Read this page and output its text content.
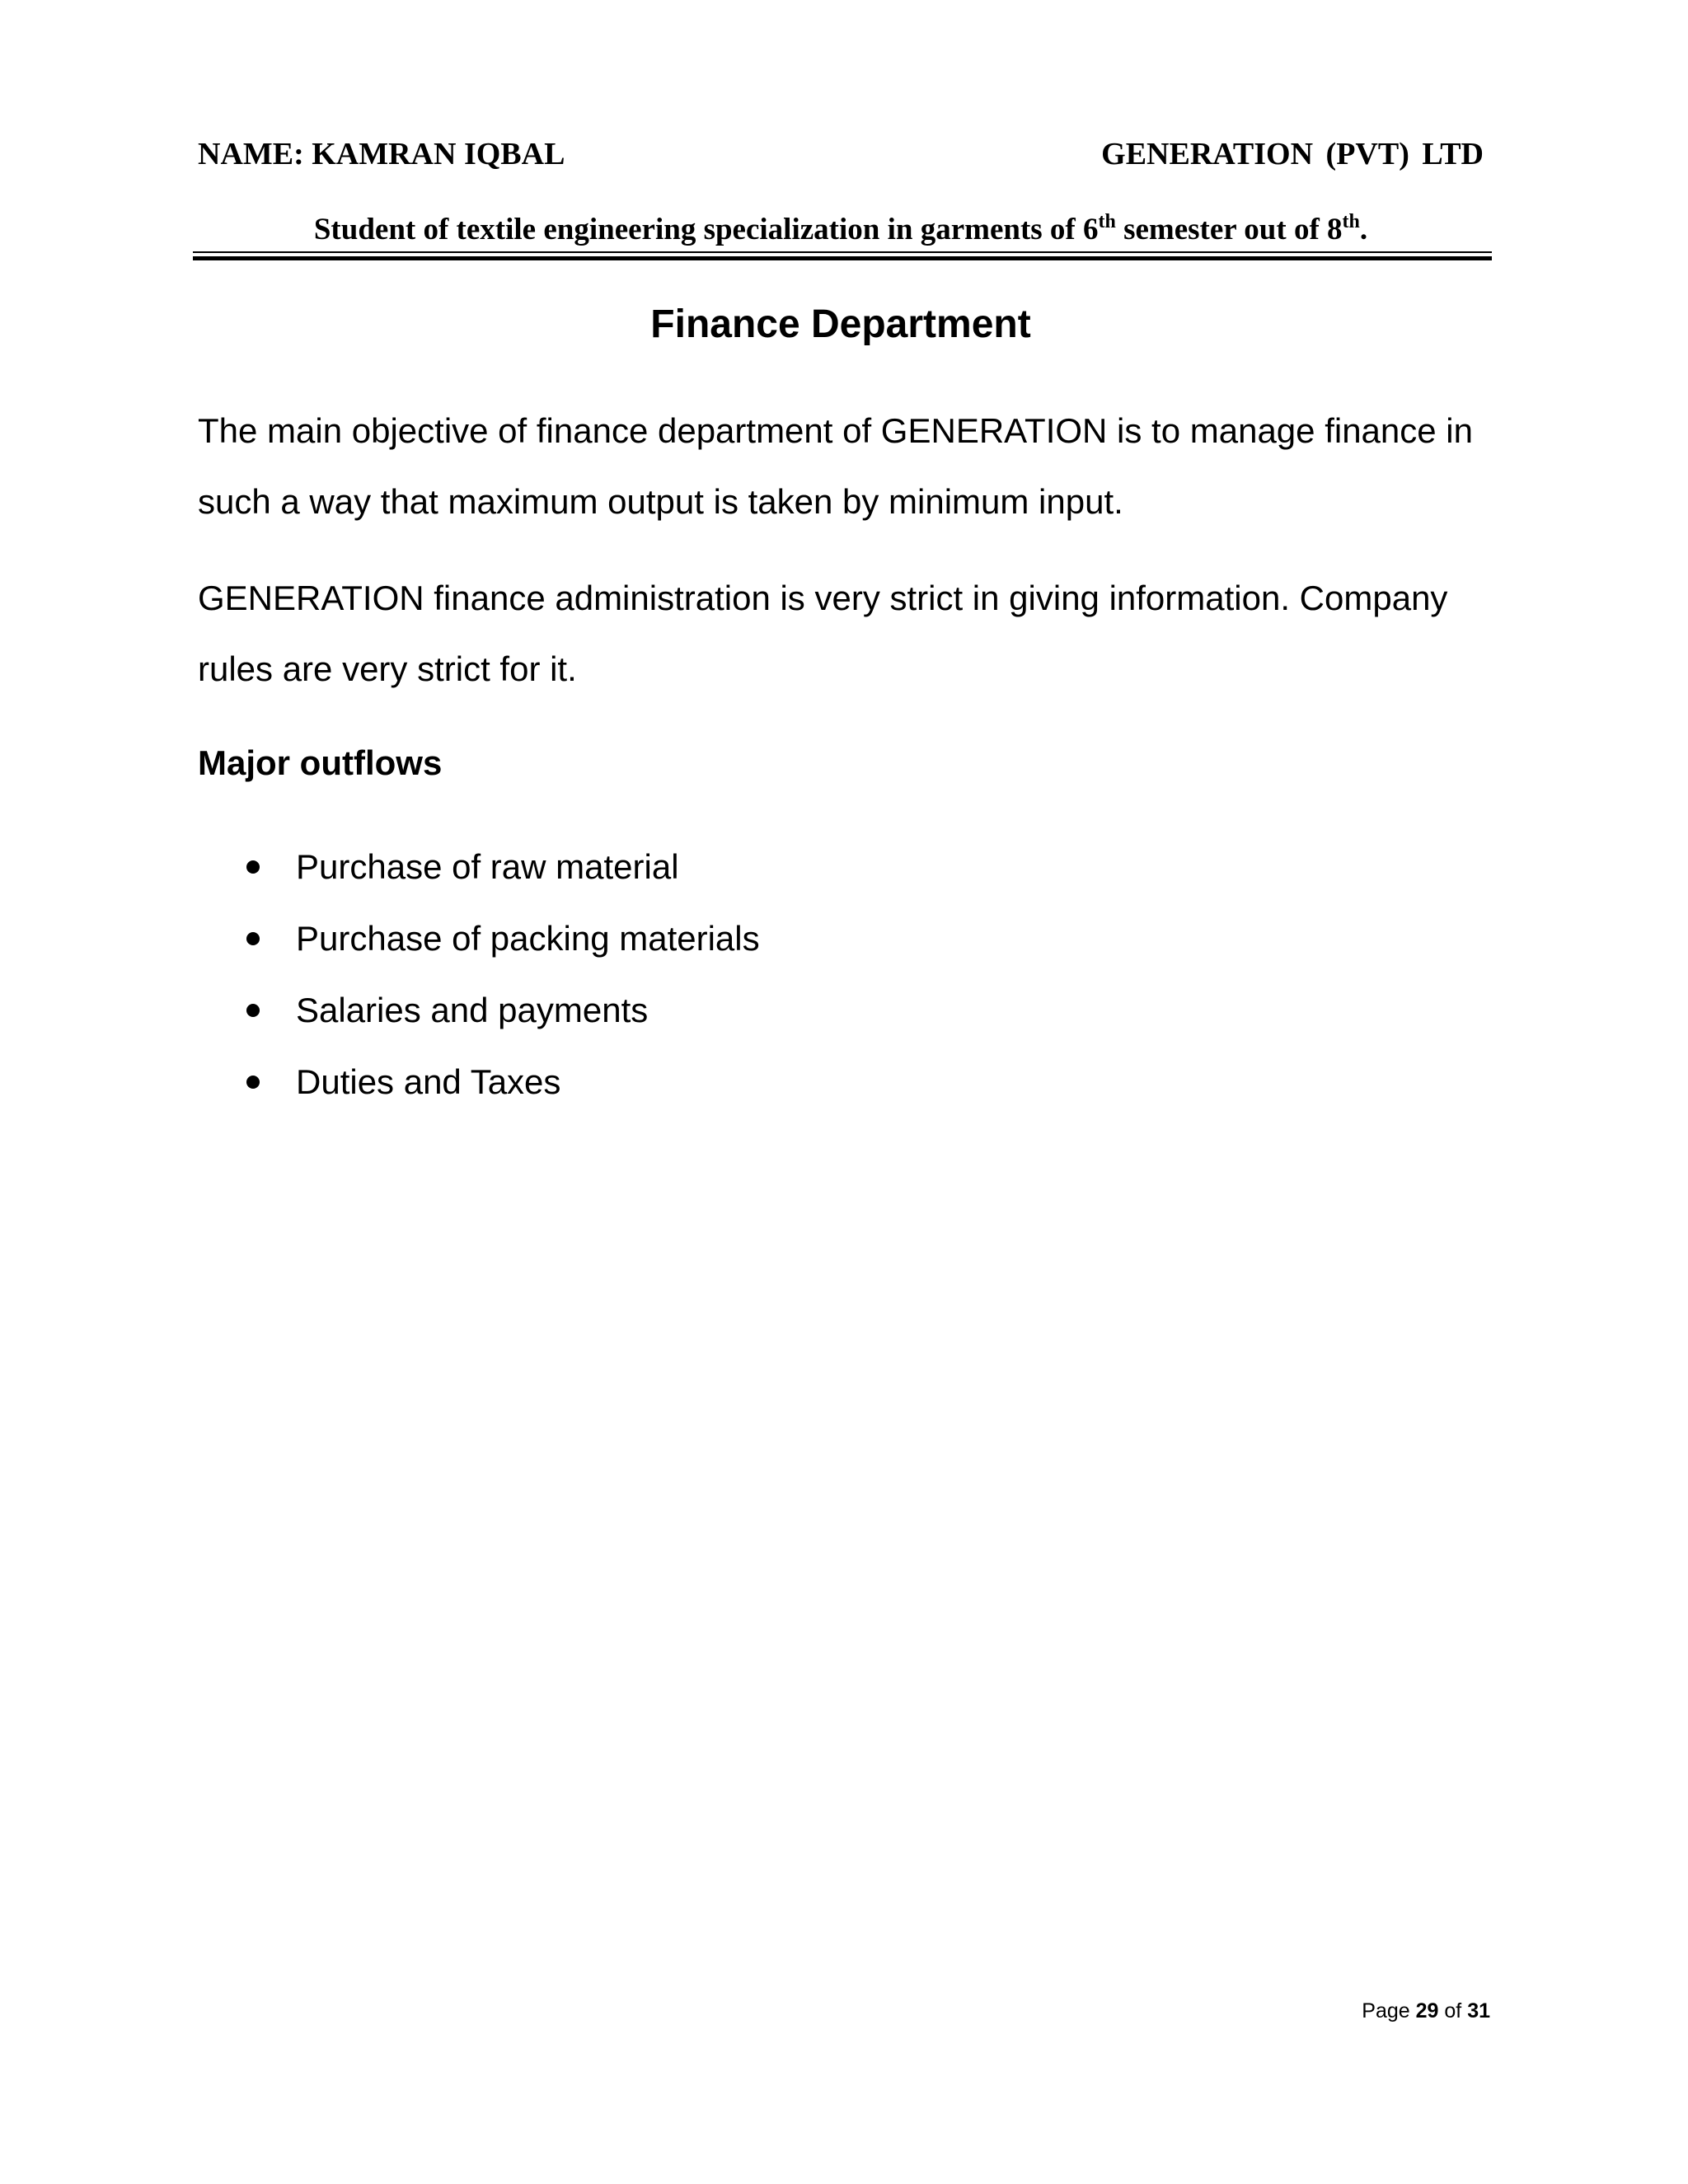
NAME: KAMRAN IQBAL	GENERATION (PVT) LTD
Student of textile engineering specialization in garments of 6th semester out of 8th.
Finance Department
The main objective of finance department of GENERATION is to manage finance in such a way that maximum output is taken by minimum input.
GENERATION finance administration is very strict in giving information. Company rules are very strict for it.
Major outflows
Purchase of raw material
Purchase of packing materials
Salaries and payments
Duties and Taxes
Page 29 of 31
